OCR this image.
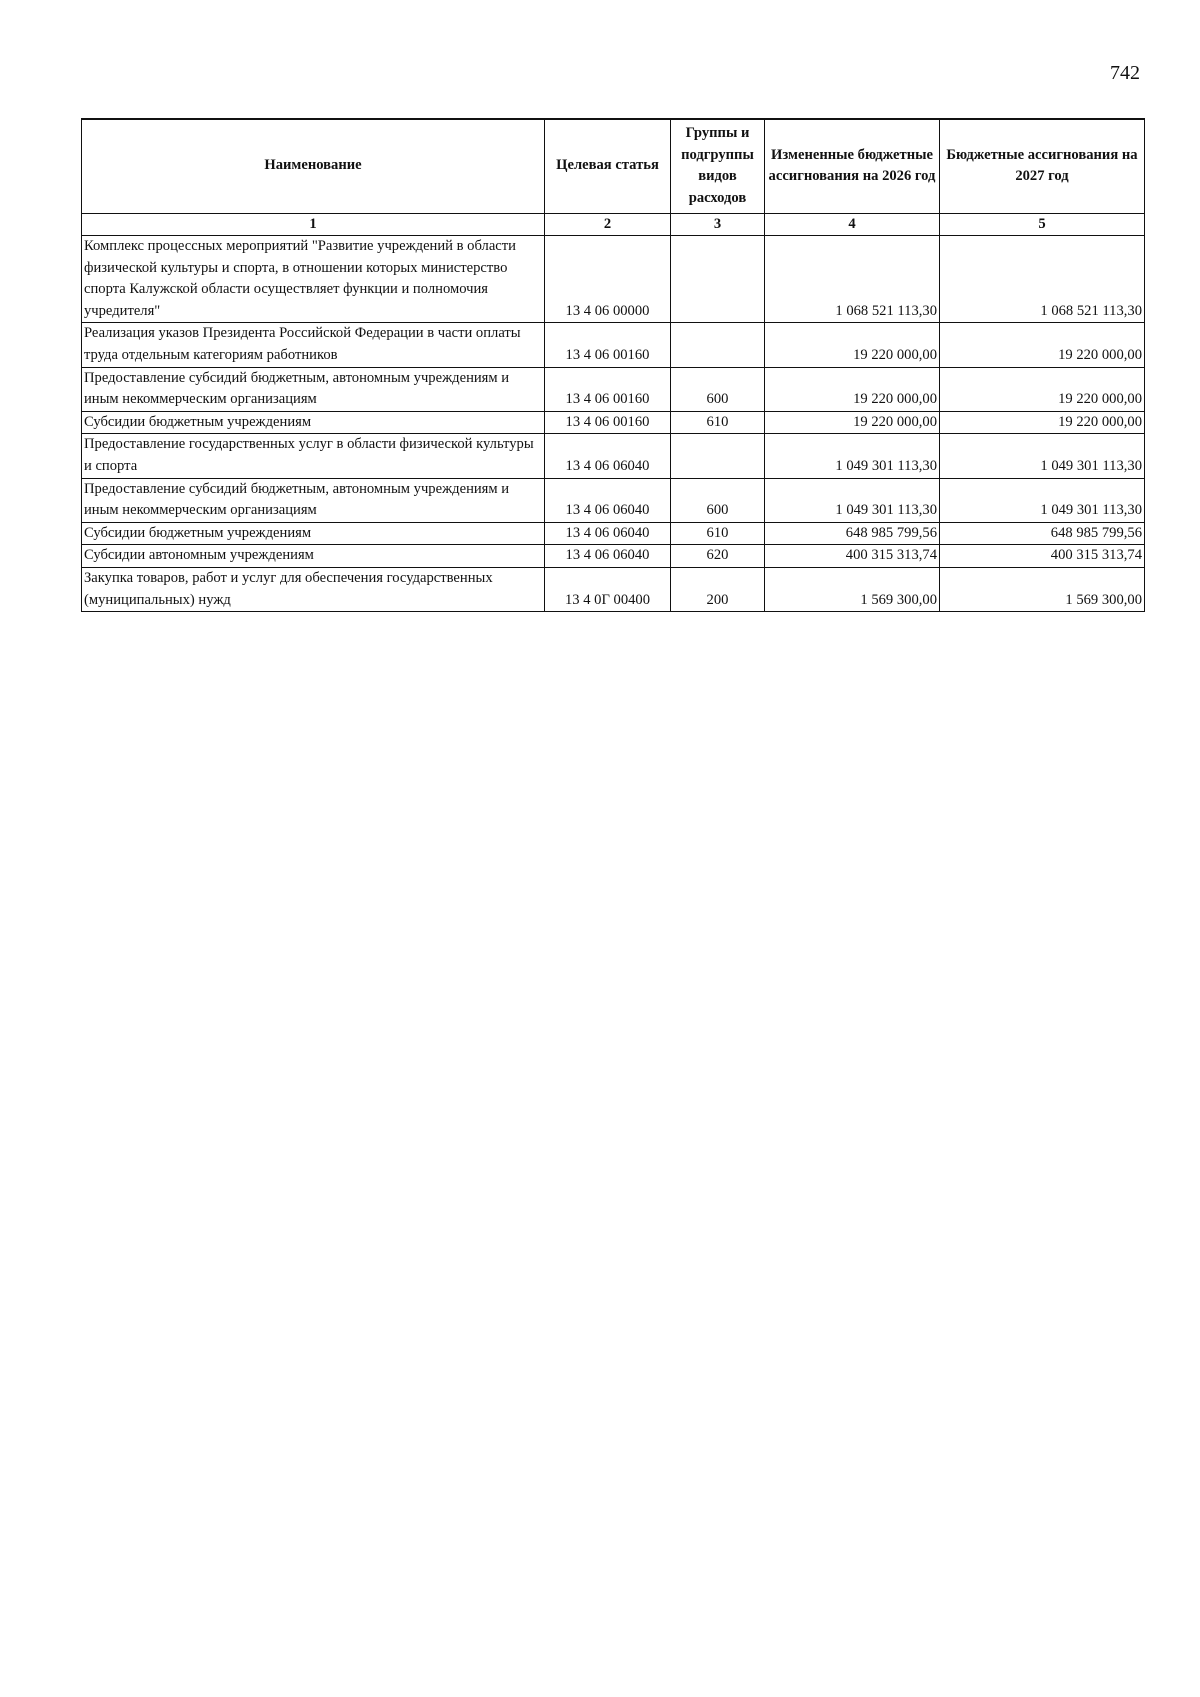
742
Наименование	Целевая статья	Группы и подгруппы видов расходов	Измененные бюджетные ассигнования на 2026 год	Бюджетные ассигнования на 2027 год
1	2	3	4	5
Комплекс процессных мероприятий "Развитие учреждений в области физической культуры и спорта, в отношении которых министерство спорта Калужской области осуществляет функции и полномочия учредителя"	13 4 06 00000		1 068 521 113,30	1 068 521 113,30
Реализация указов Президента Российской Федерации в части оплаты труда отдельным категориям работников	13 4 06 00160		19 220 000,00	19 220 000,00
Предоставление субсидий бюджетным, автономным учреждениям и иным некоммерческим организациям	13 4 06 00160	600	19 220 000,00	19 220 000,00
Субсидии бюджетным учреждениям	13 4 06 00160	610	19 220 000,00	19 220 000,00
Предоставление государственных услуг в области физической культуры и спорта	13 4 06 06040		1 049 301 113,30	1 049 301 113,30
Предоставление субсидий бюджетным, автономным учреждениям и иным некоммерческим организациям	13 4 06 06040	600	1 049 301 113,30	1 049 301 113,30
Субсидии бюджетным учреждениям	13 4 06 06040	610	648 985 799,56	648 985 799,56
Субсидии автономным учреждениям	13 4 06 06040	620	400 315 313,74	400 315 313,74
Закупка товаров, работ и услуг для обеспечения государственных (муниципальных) нужд	13 4 0Г 00400	200	1 569 300,00	1 569 300,00
